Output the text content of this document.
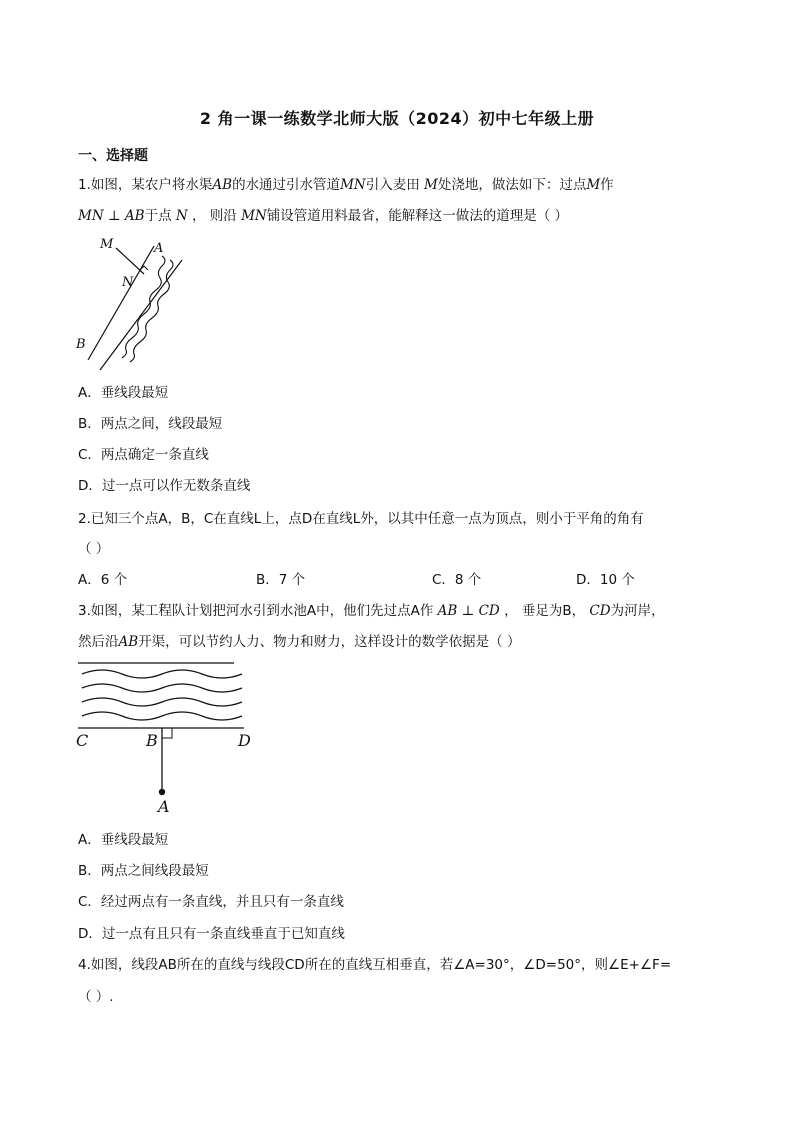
2 角一课一练数学北师大版（2024）初中七年级上册
一、选择题
1.如图，某农户将水渠AB的水通过引水管道MN引入麦田 M处浇地，做法如下：过点M作
MN ⊥ AB于点 N ， 则沿 MN铺设管道用料最省，能解释这一做法的道理是（ ）
M	A
N
B
A．垂线段最短
B．两点之间，线段最短
C．两点确定一条直线
D．过一点可以作无数条直线
2.已知三个点A，B，C在直线L上，点D在直线L外，以其中任意一点为顶点，则小于平角的角有
（ ）
A．6 个	B．7 个	C．8 个	D．10 个
3.如图，某工程队计划把河水引到水池A中，他们先过点A作 AB ⊥ CD ， 垂足为B， CD为河岸，
然后沿AB开渠，可以节约人力、物力和财力，这样设计的数学依据是（ ）
C	B	D
A
A．垂线段最短
B．两点之间线段最短
C．经过两点有一条直线，并且只有一条直线
D．过一点有且只有一条直线垂直于已知直线
4.如图，线段AB所在的直线与线段CD所在的直线互相垂直，若∠A=30°，∠D=50°，则∠E+∠F=
（ ）.
